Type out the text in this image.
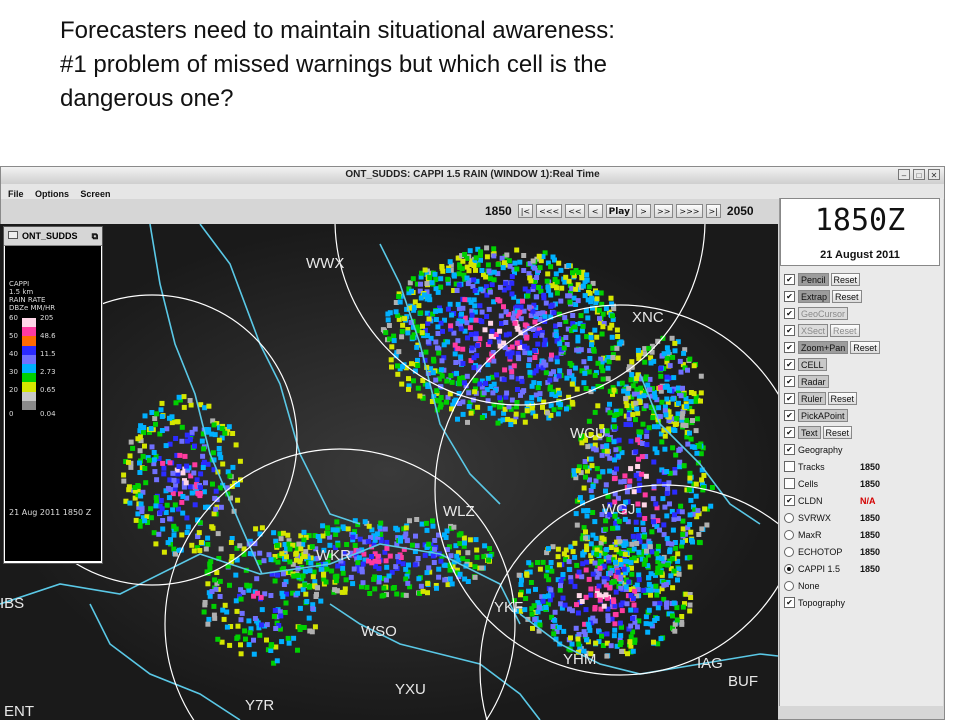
Forecasters need to maintain situational awareness:
#1 problem of missed warnings but which cell is the
dangerous one?
ONT_SUDDS: CAPPI 1.5 RAIN (WINDOW 1):Real Time	–	□	✕
File Options Screen
WWX
XNC
WCU
WGJ
WLZ
WKR
WSO
YKF
YHM	IAG
BUF
YXU
Y7R
IBS
ENT
ONT_SUDDS ⧉
CAPPI
1.5 km
RAIN RATE
DBZe MM/HR
60	205
50	48.6
40	11.5
30	2.73
20	0.65
0	0.04
21 Aug 2011 1850 Z
1850	|<	<<<	<<	<	Play	>	>>	>>>	>| 2050	1850Z
21 August 2011
✔ Pencil Reset
✔ Extrap Reset
✔ GeoCursor
✔ XSect Reset
✔ Zoom+Pan Reset
✔ CELL
✔ Radar
✔ Ruler Reset
✔ PickAPoint
✔ Text Reset
✔ Geography
Tracks	1850
Cells	1850
✔ CLDN	N/A
SVRWX	1850
MaxR	1850
ECHOTOP	1850
CAPPI 1.5	1850
None
✔ Topography
